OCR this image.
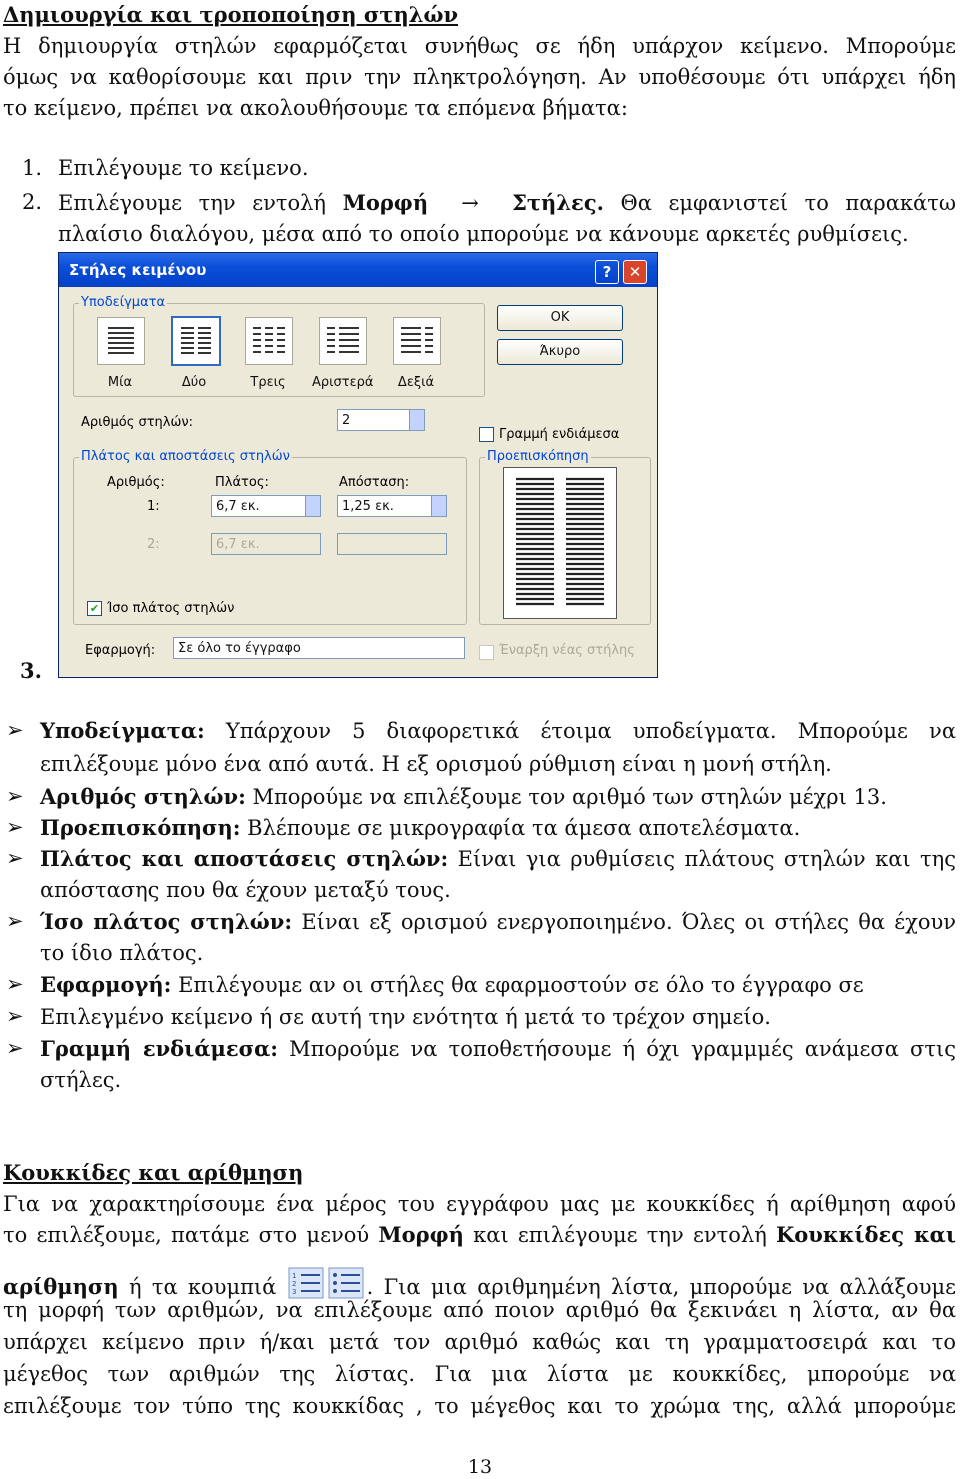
Δημιουργία και τροποποίηση στηλών
Η δημιουργία στηλών εφαρμόζεται συνήθως σε ήδη υπάρχον κείμενο. Μπορούμε
όμως να καθορίσουμε και πριν την πληκτρολόγηση. Αν υποθέσουμε ότι υπάρχει ήδη
το κείμενο, πρέπει να ακολουθήσουμε τα επόμενα βήματα:
1. Επιλέγουμε το κείμενο.
2. Επιλέγουμε την εντολή Μορφή → Στήλες. Θα εμφανιστεί το παρακάτω
πλαίσιο διαλόγου, μέσα από το οποίο μπορούμε να κάνουμε αρκετές ρυθμίσεις.
3.
Στήλες κειμένου	?	✕
Υποδείγματα
Μία	Δύο	Τρεις	Αριστερά	Δεξιά
OK
Άκυρο
Αριθμός στηλών:	2
Γραμμή ενδιάμεσα
Πλάτος και αποστάσεις στηλών	Προεπισκόπηση
Αριθμός:	Πλάτος:	Απόσταση:
1:	6,7 εκ.	1,25 εκ.
2:	6,7 εκ.
✔ Ίσο πλάτος στηλών
Εφαρμογή:	Σε όλο το έγγραφο	Έναρξη νέας στήλης
➢ Υποδείγματα: Υπάρχουν 5 διαφορετικά έτοιμα υποδείγματα. Μπορούμε να
επιλέξουμε μόνο ένα από αυτά. Η εξ ορισμού ρύθμιση είναι η μονή στήλη.
➢ Αριθμός στηλών: Μπορούμε να επιλέξουμε τον αριθμό των στηλών μέχρι 13.
➢ Προεπισκόπηση: Βλέπουμε σε μικρογραφία τα άμεσα αποτελέσματα.
➢ Πλάτος και αποστάσεις στηλών: Είναι για ρυθμίσεις πλάτους στηλών και της
απόστασης που θα έχουν μεταξύ τους.
➢ Ίσο πλάτος στηλών: Είναι εξ ορισμού ενεργοποιημένο. Όλες οι στήλες θα έχουν
το ίδιο πλάτος.
➢ Εφαρμογή: Επιλέγουμε αν οι στήλες θα εφαρμοστούν σε όλο το έγγραφο σε
➢ Επιλεγμένο κείμενο ή σε αυτή την ενότητα ή μετά το τρέχον σημείο.
➢ Γραμμή ενδιάμεσα: Μπορούμε να τοποθετήσουμε ή όχι γραμμμές ανάμεσα στις
στήλες.
Κουκκίδες και αρίθμηση
Για να χαρακτηρίσουμε ένα μέρος του εγγράφου μας με κουκκίδες ή αρίθμηση αφού
το επιλέξουμε, πατάμε στο μενού Μορφή και επιλέγουμε την εντολή Κουκκίδες και
αρίθμηση ή τα κουμπιά 1
2
3	. Για μια αριθμημένη λίστα, μπορούμε να αλλάξουμε
τη μορφή των αριθμών, να επιλέξουμε από ποιον αριθμό θα ξεκινάει η λίστα, αν θα
υπάρχει κείμενο πριν ή/και μετά τον αριθμό καθώς και τη γραμματοσειρά και το
μέγεθος των αριθμών της λίστας. Για μια λίστα με κουκκίδες, μπορούμε να
επιλέξουμε τον τύπο της κουκκίδας , το μέγεθος και το χρώμα της, αλλά μπορούμε
13
